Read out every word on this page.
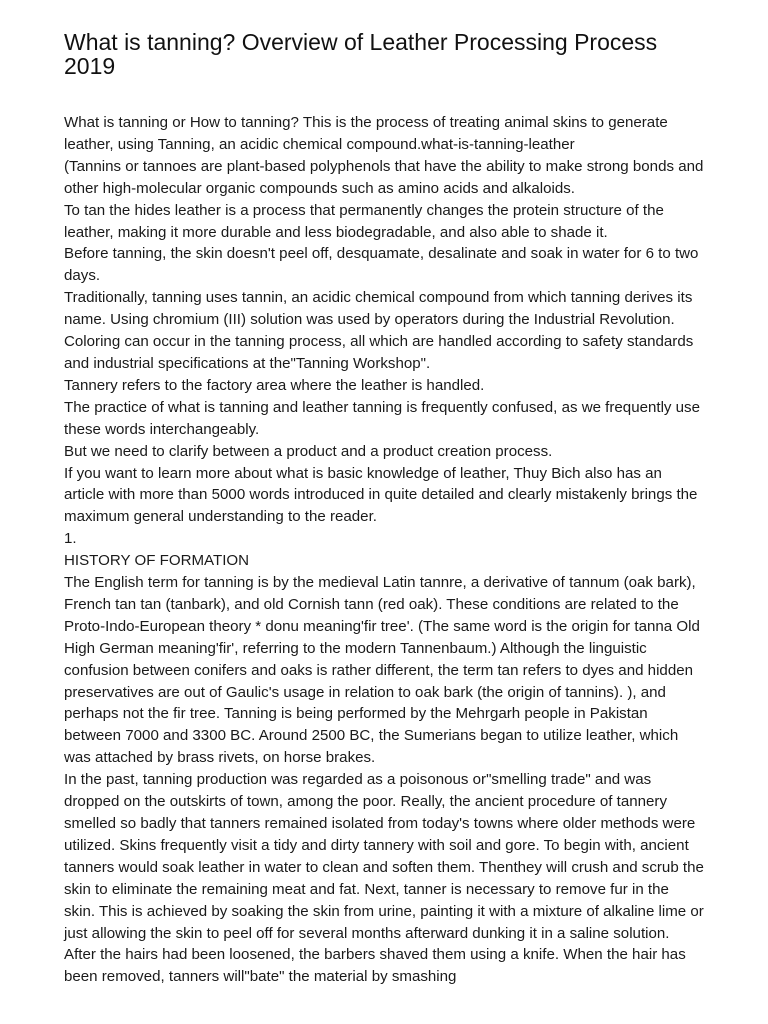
What is tanning? Overview of Leather Processing Process 2019

What is tanning or How to tanning? This is the process of treating animal skins to generate leather, using Tanning, an acidic chemical compound.what-is-tanning-leather

(Tannins or tannoes are plant-based polyphenols that have the ability to make strong bonds and other high-molecular organic compounds such as amino acids and alkaloids.

To tan the hides leather is a process that permanently changes the protein structure of the leather, making it more durable and less biodegradable, and also able to shade it.

Before tanning, the skin doesn't peel off, desquamate, desalinate and soak in water for 6 to two days.

Traditionally, tanning uses tannin, an acidic chemical compound from which tanning derives its name. Using chromium (III) solution was used by operators during the Industrial Revolution.

Coloring can occur in the tanning process, all which are handled according to safety standards and industrial specifications at the"Tanning Workshop".

Tannery refers to the factory area where the leather is handled.

The practice of what is tanning and leather tanning is frequently confused, as we frequently use these words interchangeably.

But we need to clarify between a product and a product creation process.

If you want to learn more about what is basic knowledge of leather, Thuy Bich also has an article with more than 5000 words introduced in quite detailed and clearly mistakenly brings the maximum general understanding to the reader.

1.

HISTORY OF FORMATION

The English term for tanning is by the medieval Latin tannre, a derivative of tannum (oak bark), French tan tan (tanbark), and old Cornish tann (red oak). These conditions are related to the Proto-Indo-European theory * donu meaning'fir tree'. (The same word is the origin for tanna Old High German meaning'fir', referring to the modern Tannenbaum.) Although the linguistic confusion between conifers and oaks is rather different, the term tan refers to dyes and hidden preservatives are out of Gaulic's usage in relation to oak bark (the origin of tannins). ), and perhaps not the fir tree. Tanning is being performed by the Mehrgarh people in Pakistan between 7000 and 3300 BC. Around 2500 BC, the Sumerians began to utilize leather, which was attached by brass rivets, on horse brakes.

In the past, tanning production was regarded as a poisonous or"smelling trade" and was dropped on the outskirts of town, among the poor. Really, the ancient procedure of tannery smelled so badly that tanners remained isolated from today's towns where older methods were utilized. Skins frequently visit a tidy and dirty tannery with soil and gore. To begin with, ancient tanners would soak leather in water to clean and soften them. Thenthey will crush and scrub the skin to eliminate the remaining meat and fat. Next, tanner is necessary to remove fur in the skin. This is achieved by soaking the skin from urine, painting it with a mixture of alkaline lime or just allowing the skin to peel off for several months afterward dunking it in a saline solution. After the hairs had been loosened, the barbers shaved them using a knife. When the hair has been removed, tanners will"bate" the material by smashing
